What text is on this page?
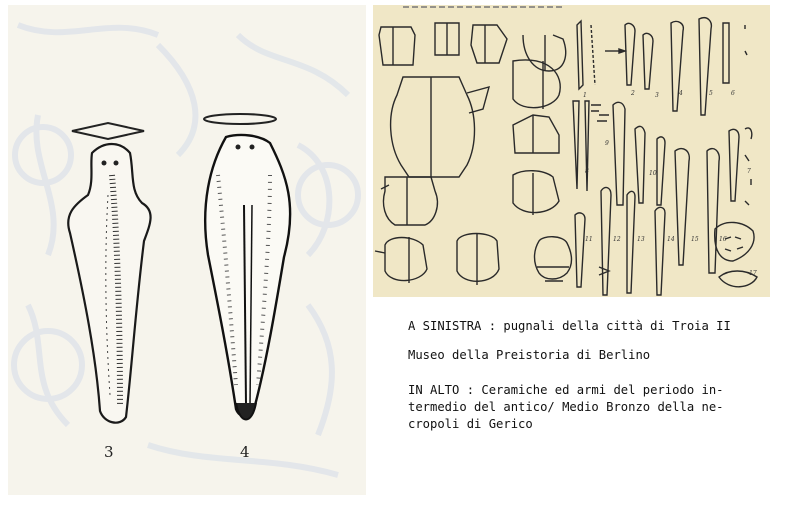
3	4
1	2	3	4	5	6
7
8
9
10
11	12	13	14	15	16
17

A SINISTRA : pugnali della città di Troia II

Museo della Preistoria di Berlino

IN ALTO : Ceramiche ed armi del periodo in-

termedio del antico/ Medio Bronzo della ne-

cropoli di Gerico
